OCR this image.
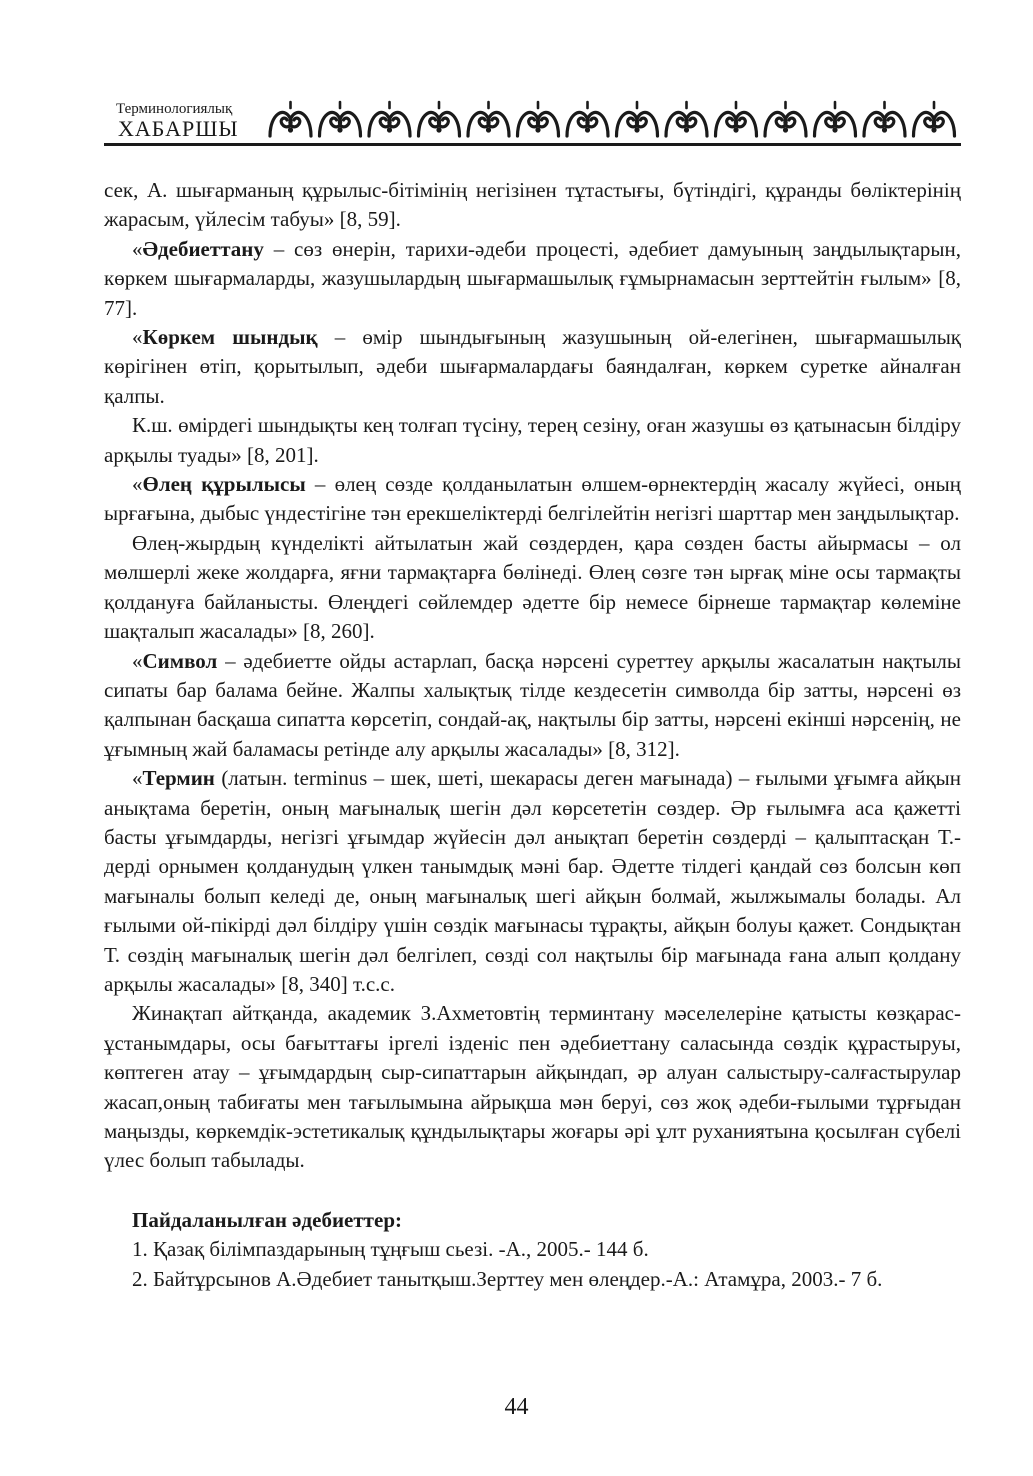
Терминологиялық
ХАБАРШЫ

сек, А. шығарманың құрылыс-бітімінің негізінен тұтастығы, бүтіндігі, құранды бөліктерінің жарасым, үйлесім табуы» [8, 59].

«Әдебиеттану – сөз өнерін, тарихи-әдеби процесті, әдебиет дамуының заңдылықтарын, көркем шығармаларды, жазушылардың шығармашылық ғұмырнамасын зерттейтін ғылым» [8, 77].

«Көркем шындық – өмір шындығының жазушының ой-елегінен, шығармашылық көрігінен өтіп, қорытылып, әдеби шығармалардағы баяндалған, көркем суретке айналған қалпы.

К.ш. өмірдегі шындықты кең толғап түсіну, терең сезіну, оған жазушы өз қатынасын білдіру арқылы туады» [8, 201].

«Өлең құрылысы – өлең сөзде қолданылатын өлшем-өрнектердің жасалу жүйесі, оның ырғағына, дыбыс үндестігіне тән ерекшеліктерді белгілейтін негізгі шарттар мен заңдылықтар.

Өлең-жырдың күнделікті айтылатын жай сөздерден, қара сөзден басты айырмасы – ол мөлшерлі жеке жолдарға, яғни тармақтарға бөлінеді. Өлең сөзге тән ырғақ міне осы тармақты қолдануға байланысты. Өлеңдегі сөйлемдер әдетте бір немесе бірнеше тармақтар көлеміне шақталып жасалады» [8, 260].

«Символ – әдебиетте ойды астарлап, басқа нәрсені суреттеу арқылы жасалатын нақтылы сипаты бар балама бейне. Жалпы халықтық тілде кездесетін символда бір затты, нәрсені өз қалпынан басқаша сипатта көрсетіп, сондай-ақ, нақтылы бір затты, нәрсені екінші нәрсенің, не ұғымның жай баламасы ретінде алу арқылы жасалады» [8, 312].

«Термин (латын. terminus – шек, шеті, шекарасы деген мағынада) – ғылыми ұғымға айқын анықтама беретін, оның мағыналық шегін дәл көрсететін сөздер. Әр ғылымға аса қажетті басты ұғымдарды, негізгі ұғымдар жүйесін дәл анықтап беретін сөздерді – қалыптасқан Т.-дерді орнымен қолданудың үлкен танымдық мәні бар. Әдетте тілдегі қандай сөз болсын көп мағыналы болып келеді де, оның мағыналық шегі айқын болмай, жылжымалы болады. Ал ғылыми ой-пікірді дәл білдіру үшін сөздік мағынасы тұрақты, айқын болуы қажет. Сондықтан Т. сөздің мағыналық шегін дәл белгілеп, сөзді сол нақтылы бір мағынада ғана алып қолдану арқылы жасалады» [8, 340] т.с.с.

Жинақтап айтқанда, академик З.Ахметовтің терминтану мәселелеріне қатысты көзқарас-ұстанымдары, осы бағыттағы іргелі ізденіс пен әдебиеттану саласында сөздік құрастыруы, көптеген атау – ұғымдардың сыр-сипаттарын айқындап, әр алуан салыстыру-салғастырулар жасап,оның табиғаты мен тағылымына айрықша мән беруі, сөз жоқ әдеби-ғылыми тұрғыдан маңызды, көркемдік-эстетикалық құндылықтары жоғары әрі ұлт руханиятына қосылған сүбелі үлес болып табылады.

Пайдаланылған әдебиеттер:

1. Қазақ білімпаздарының тұңғыш сьезі. -А., 2005.- 144 б.

2. Байтұрсынов А.Әдебиет танытқыш.Зерттеу мен өлеңдер.-А.: Атамұра, 2003.- 7 б.

44
